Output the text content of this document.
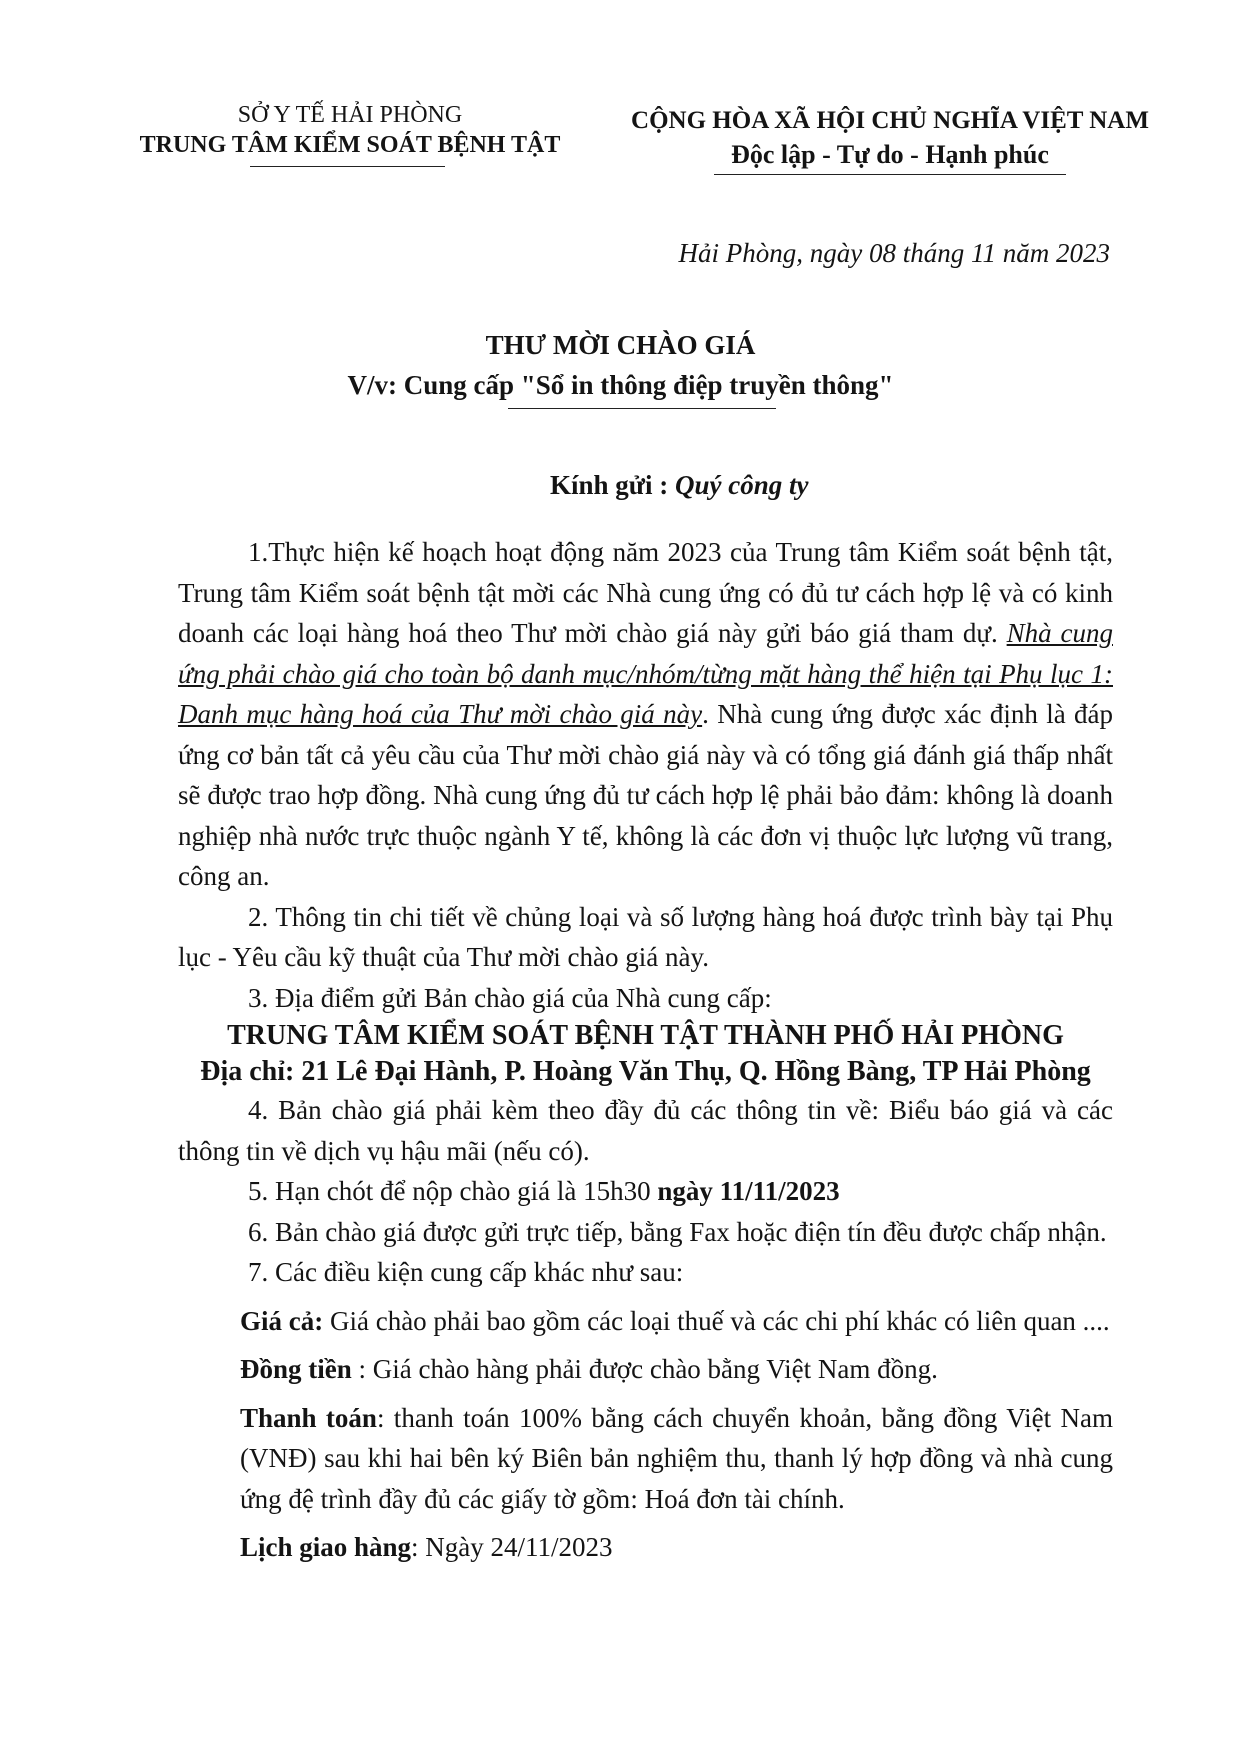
SỞ Y TẾ HẢI PHÒNG
TRUNG TÂM KIỂM SOÁT BỆNH TẬT
CỘNG HÒA XÃ HỘI CHỦ NGHĨA VIỆT NAM
Độc lập - Tự do - Hạnh phúc
Hải Phòng, ngày 08 tháng 11 năm 2023
THƯ MỜI CHÀO GIÁ
V/v: Cung cấp "Sổ in thông điệp truyền thông"
Kính gửi : Quý công ty

1.Thực hiện kế hoạch hoạt động năm 2023 của Trung tâm Kiểm soát bệnh tật, Trung tâm Kiểm soát bệnh tật mời các Nhà cung ứng có đủ tư cách hợp lệ và có kinh doanh các loại hàng hoá theo Thư mời chào giá này gửi báo giá tham dự. Nhà cung ứng phải chào giá cho toàn bộ danh mục/nhóm/từng mặt hàng thể hiện tại Phụ lục 1: Danh mục hàng hoá của Thư mời chào giá này. Nhà cung ứng được xác định là đáp ứng cơ bản tất cả yêu cầu của Thư mời chào giá này và có tổng giá đánh giá thấp nhất sẽ được trao hợp đồng. Nhà cung ứng đủ tư cách hợp lệ phải bảo đảm: không là doanh nghiệp nhà nước trực thuộc ngành Y tế, không là các đơn vị thuộc lực lượng vũ trang, công an.

2. Thông tin chi tiết về chủng loại và số lượng hàng hoá được trình bày tại Phụ lục - Yêu cầu kỹ thuật của Thư mời chào giá này.

3. Địa điểm gửi Bản chào giá của Nhà cung cấp:

TRUNG TÂM KIỂM SOÁT BỆNH TẬT THÀNH PHỐ HẢI PHÒNG

Địa chỉ: 21 Lê Đại Hành, P. Hoàng Văn Thụ, Q. Hồng Bàng, TP Hải Phòng

4. Bản chào giá phải kèm theo đầy đủ các thông tin về: Biểu báo giá và các thông tin về dịch vụ hậu mãi (nếu có).

5. Hạn chót để nộp chào giá là 15h30 ngày 11/11/2023

6. Bản chào giá được gửi trực tiếp, bằng Fax hoặc điện tín đều được chấp nhận.

7. Các điều kiện cung cấp khác như sau:

Giá cả: Giá chào phải bao gồm các loại thuế và các chi phí khác có liên quan ....

Đồng tiền : Giá chào hàng phải được chào bằng Việt Nam đồng.

Thanh toán: thanh toán 100% bằng cách chuyển khoản, bằng đồng Việt Nam (VNĐ) sau khi hai bên ký Biên bản nghiệm thu, thanh lý hợp đồng và nhà cung ứng đệ trình đầy đủ các giấy tờ gồm: Hoá đơn tài chính.

Lịch giao hàng: Ngày 24/11/2023
